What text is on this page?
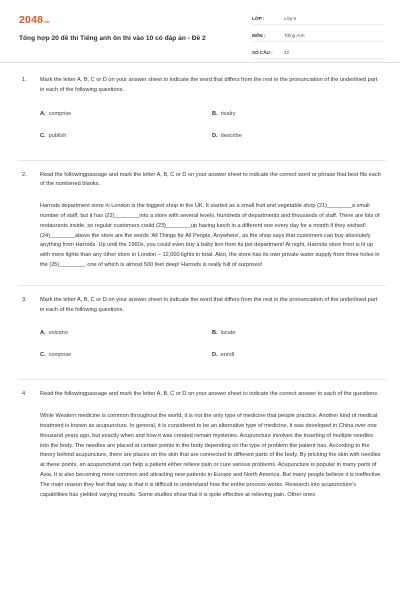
2048.vn
Tổng hợp 20 đề thi Tiếng anh ôn thi vào 10 có đáp án - Đề 2
LỚP :	Lớp 9
MÔN :	Tiếng Anh
SỐ CÂU :	42
1. Mark the letter A, B, C or D on your answer sheet to indicate the word that differs from the rest in the pronunciation of the underlined part in each of the following questions.
A. comprise	B. rivalry
C. publish	D. describe
2. Read the followingpassage and mark the letter A, B, C or D on your answer sheet to indicate the correct word or phrase that best fits each of the numbered blanks.
Harrods department store in London is the biggest shop in the UK. It started as a small fruit and vegetable shop (21)________a small number of staff, but it has (22)________into a store with several levels, hundreds of departments and thousands of staff. There are lots of restaurants inside, so regular customers could (23)________up having lunch in a different one every day for a month if they wished! (24)________above the store are the words 'All Things for All People, Anywhere', as the shop says that customers can buy absolutely anything from Harrods. Up until the 1960s, you could even buy a baby lion from its pet department! At night, Harrods store front is lit up with more lights than any other store in London – 12,000 lights in total. Also, the store has its own private water supply from three holes in the (25)________, one of which is almost 500 feet deep! Harrods is really full of surprises!
3. Mark the letter A, B, C or D on your answer sheet to indicate the word that differs from the rest in the pronunciation of the underlined part in each of the following questions.
A. volcano	B. locate
C. compose	D. enroll
4. Read the followingpassage and mark the letter A, B, C or D on your answer sheet to indicate the correct answer to each of the questions.
While Western medicine is common throughout the world, it is not the only type of medicine that people practice. Another kind of medical treatment is known as acupuncture. In general, it is considered to be an alternative type of medicine, it was developed in China over one thousand years ago, but exactly when and how it was created remain mysteries. Acupuncture involves the inserting of multiple needles into the body. The needles are placed at certain points in the body depending on the type of problem the patient has. According to the theory behind acupuncture, there are places on the skin that are connected to different parts of the body. By pricking the skin with needles at these points, an acupuncturist can help a patient either relieve pain or cure various problems. Acupuncture is popular in many parts of Asia. It is also becoming more common and attracting new patients in Europe and North America. But many people believe it is ineffective. The main reason they feel that way is that it is difficult to understand how the entire process works. Research into acupuncture's capabilities has yielded varying results. Some studies show that it is quite effective at relieving pain. Other ones
